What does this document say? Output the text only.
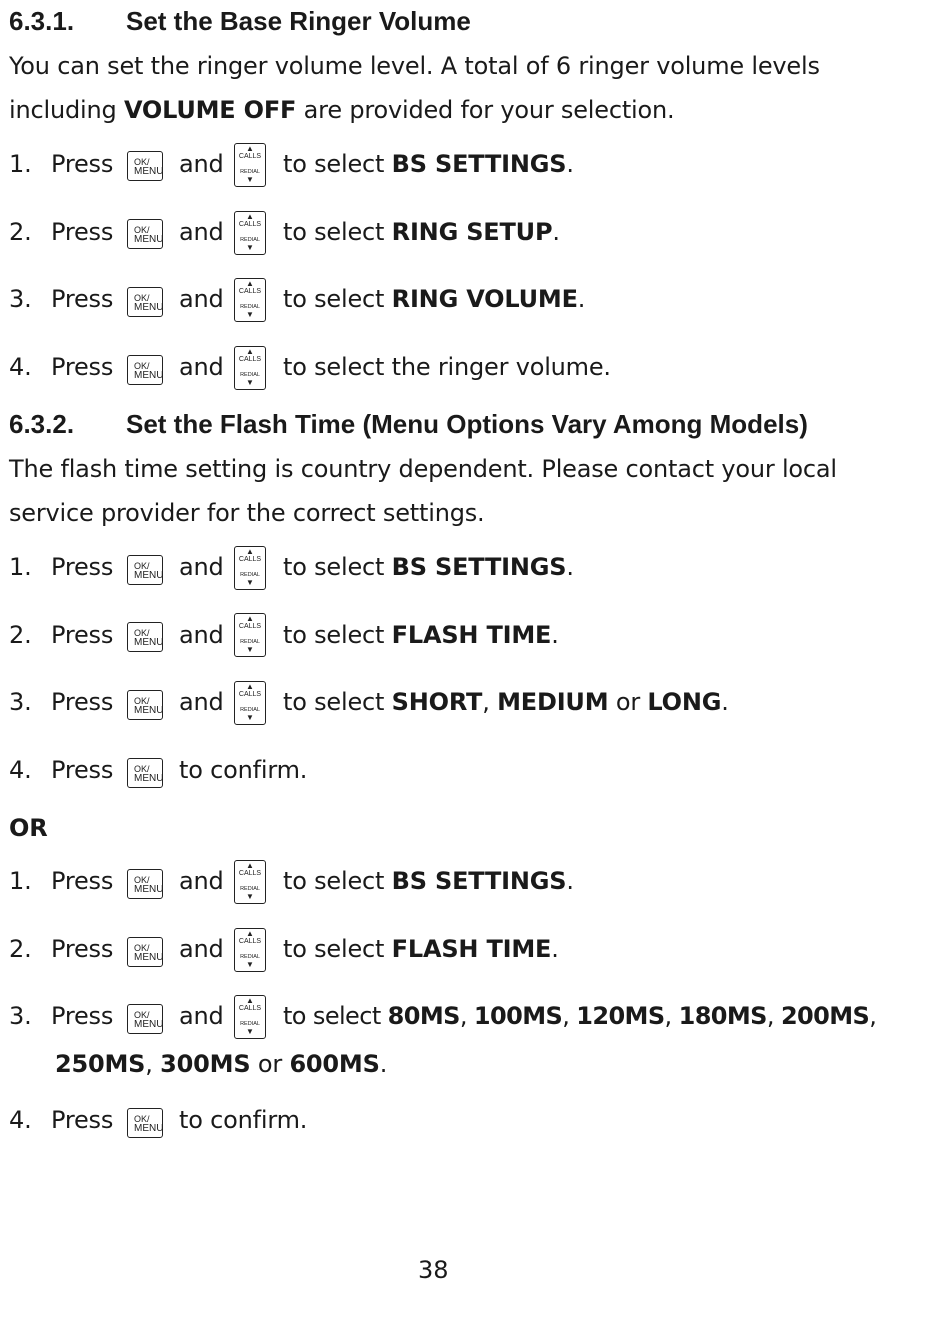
6.3.1. Set the Base Ringer Volume
You can set the ringer volume level. A total of 6 ringer volume levels
including VOLUME OFF are provided for your selection.
1. Press	OK/
MENU and
▲
CALLS
REDIAL
▼
to select BS SETTINGS.
2. Press	OK/
MENU and
▲
CALLS
REDIAL
▼
to select RING SETUP.
3. Press	OK/
MENU and
▲
CALLS
REDIAL
▼
to select RING VOLUME.
4. Press	OK/
MENU and
▲
CALLS
REDIAL
▼
to select the ringer volume.
6.3.2. Set the Flash Time (Menu Options Vary Among Models)
The flash time setting is country dependent. Please contact your local
service provider for the correct settings.
1. Press	OK/
MENU and
▲
CALLS
REDIAL
▼
to select BS SETTINGS.
2. Press	OK/
MENU and
▲
CALLS
REDIAL
▼
to select FLASH TIME.
3. Press	OK/
MENU and
▲
CALLS
REDIAL
▼
to select SHORT, MEDIUM or LONG.
4. Press	OK/
MENU to confirm.
OR
1. Press	OK/
MENU and
▲
CALLS
REDIAL
▼
to select BS SETTINGS.
2. Press	OK/
MENU and
▲
CALLS
REDIAL
▼
to select FLASH TIME.
3. Press	OK/
MENU and
▲
CALLS
REDIAL
▼
to select 80MS, 100MS, 120MS, 180MS, 200MS,
250MS, 300MS or 600MS.
4. Press	OK/
MENU to confirm.
38
